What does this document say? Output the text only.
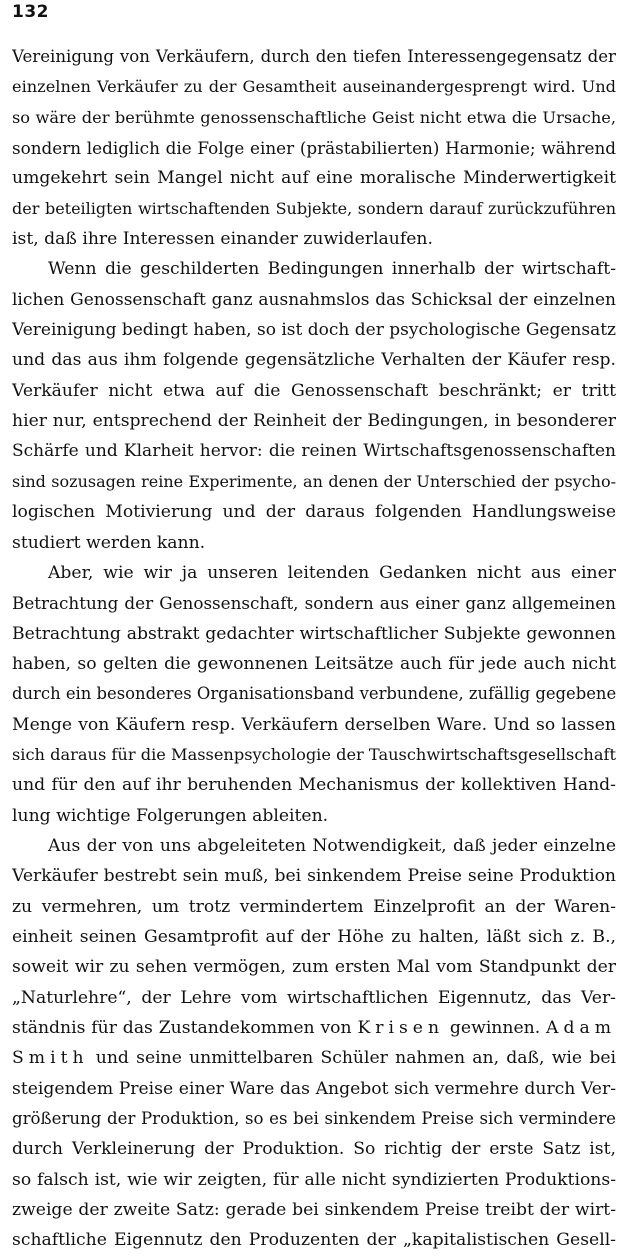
132
Vereinigung von Verkäufern, durch den tiefen Interessengegensatz der
einzelnen Verkäufer zu der Gesamtheit auseinandergesprengt wird. Und
so wäre der berühmte genossenschaftliche Geist nicht etwa die Ursache,
sondern lediglich die Folge einer (prästabilierten) Harmonie; während
umgekehrt sein Mangel nicht auf eine moralische Minderwertigkeit
der beteiligten wirtschaftenden Subjekte, sondern darauf zurückzuführen
ist, daß ihre Interessen einander zuwiderlaufen.
Wenn die geschilderten Bedingungen innerhalb der wirtschaft-
lichen Genossenschaft ganz ausnahmslos das Schicksal der einzelnen
Vereinigung bedingt haben, so ist doch der psychologische Gegensatz
und das aus ihm folgende gegensätzliche Verhalten der Käufer resp.
Verkäufer nicht etwa auf die Genossenschaft beschränkt; er tritt
hier nur, entsprechend der Reinheit der Bedingungen, in besonderer
Schärfe und Klarheit hervor: die reinen Wirtschaftsgenossenschaften
sind sozusagen reine Experimente, an denen der Unterschied der psycho-
logischen Motivierung und der daraus folgenden Handlungsweise
studiert werden kann.
Aber, wie wir ja unseren leitenden Gedanken nicht aus einer
Betrachtung der Genossenschaft, sondern aus einer ganz allgemeinen
Betrachtung abstrakt gedachter wirtschaftlicher Subjekte gewonnen
haben, so gelten die gewonnenen Leitsätze auch für jede auch nicht
durch ein besonderes Organisationsband verbundene, zufällig gegebene
Menge von Käufern resp. Verkäufern derselben Ware. Und so lassen
sich daraus für die Massenpsychologie der Tauschwirtschaftsgesellschaft
und für den auf ihr beruhenden Mechanismus der kollektiven Hand-
lung wichtige Folgerungen ableiten.
Aus der von uns abgeleiteten Notwendigkeit, daß jeder einzelne
Verkäufer bestrebt sein muß, bei sinkendem Preise seine Produktion
zu vermehren, um trotz vermindertem Einzelprofit an der Waren-
einheit seinen Gesamtprofit auf der Höhe zu halten, läßt sich z. B.,
soweit wir zu sehen vermögen, zum ersten Mal vom Standpunkt der
„Naturlehre“, der Lehre vom wirtschaftlichen Eigennutz, das Ver-
ständnis für das Zustandekommen von Krisen gewinnen. Adam
Smith und seine unmittelbaren Schüler nahmen an, daß, wie bei
steigendem Preise einer Ware das Angebot sich vermehre durch Ver-
größerung der Produktion, so es bei sinkendem Preise sich vermindere
durch Verkleinerung der Produktion. So richtig der erste Satz ist,
so falsch ist, wie wir zeigten, für alle nicht syndizierten Produktions-
zweige der zweite Satz: gerade bei sinkendem Preise treibt der wirt-
schaftliche Eigennutz den Produzenten der „kapitalistischen Gesell-
